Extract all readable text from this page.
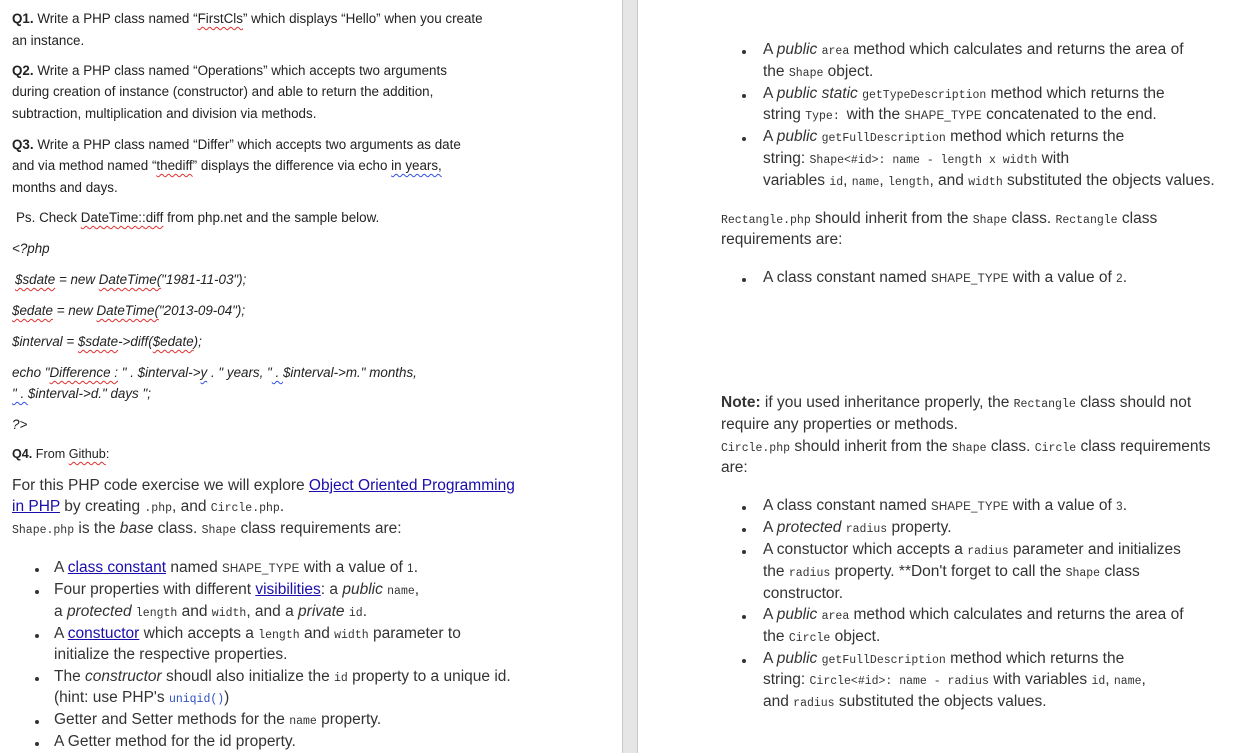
Q1. Write a PHP class named “FirstCls” which displays “Hello” when you create
an instance.
Q2. Write a PHP class named “Operations” which accepts two arguments
during creation of instance (constructor) and able to return the addition,
subtraction, multiplication and division via methods.
Q3. Write a PHP class named “Differ” which accepts two arguments as date
and via method named “thediff” displays the difference via echo in years,
months and days.
Ps. Check DateTime::diff from php.net and the sample below.
<?php
$sdate = new DateTime("1981-11-03");
$edate = new DateTime("2013-09-04");
$interval = $sdate->diff($edate);
echo "Difference : " . $interval->y . " years, " . $interval->m." months,
" . $interval->d." days ";
?>
Q4. From Github:
For this PHP code exercise we will explore Object Oriented Programming
in PHP by creating .php, and Circle.php.
Shape.php is the base class. Shape class requirements are:
A class constant named SHAPE_TYPE with a value of 1.
Four properties with different visibilities: a public name,
a protected length and width, and a private id.
A constuctor which accepts a length and width parameter to
initialize the respective properties.
The constructor shoudl also initialize the id property to a unique id.
(hint: use PHP's uniqid())
Getter and Setter methods for the name property.
A Getter method for the id property.
A public area method which calculates and returns the area of
the Shape object.
A public static getTypeDescription method which returns the
string Type: with the SHAPE_TYPE concatenated to the end.
A public getFullDescription method which returns the
string: Shape<#id>: name - length x width with
variables id, name, length, and width substituted the objects values.
Rectangle.php should inherit from the Shape class. Rectangle class
requirements are:
A class constant named SHAPE_TYPE with a value of 2.
Note: if you used inheritance properly, the Rectangle class should not
require any properties or methods.
Circle.php should inherit from the Shape class. Circle class requirements
are:
A class constant named SHAPE_TYPE with a value of 3.
A protected radius property.
A constuctor which accepts a radius parameter and initializes
the radius property. **Don't forget to call the Shape class
constructor.
A public area method which calculates and returns the area of
the Circle object.
A public getFullDescription method which returns the
string: Circle<#id>: name - radius with variables id, name,
and radius substituted the objects values.
